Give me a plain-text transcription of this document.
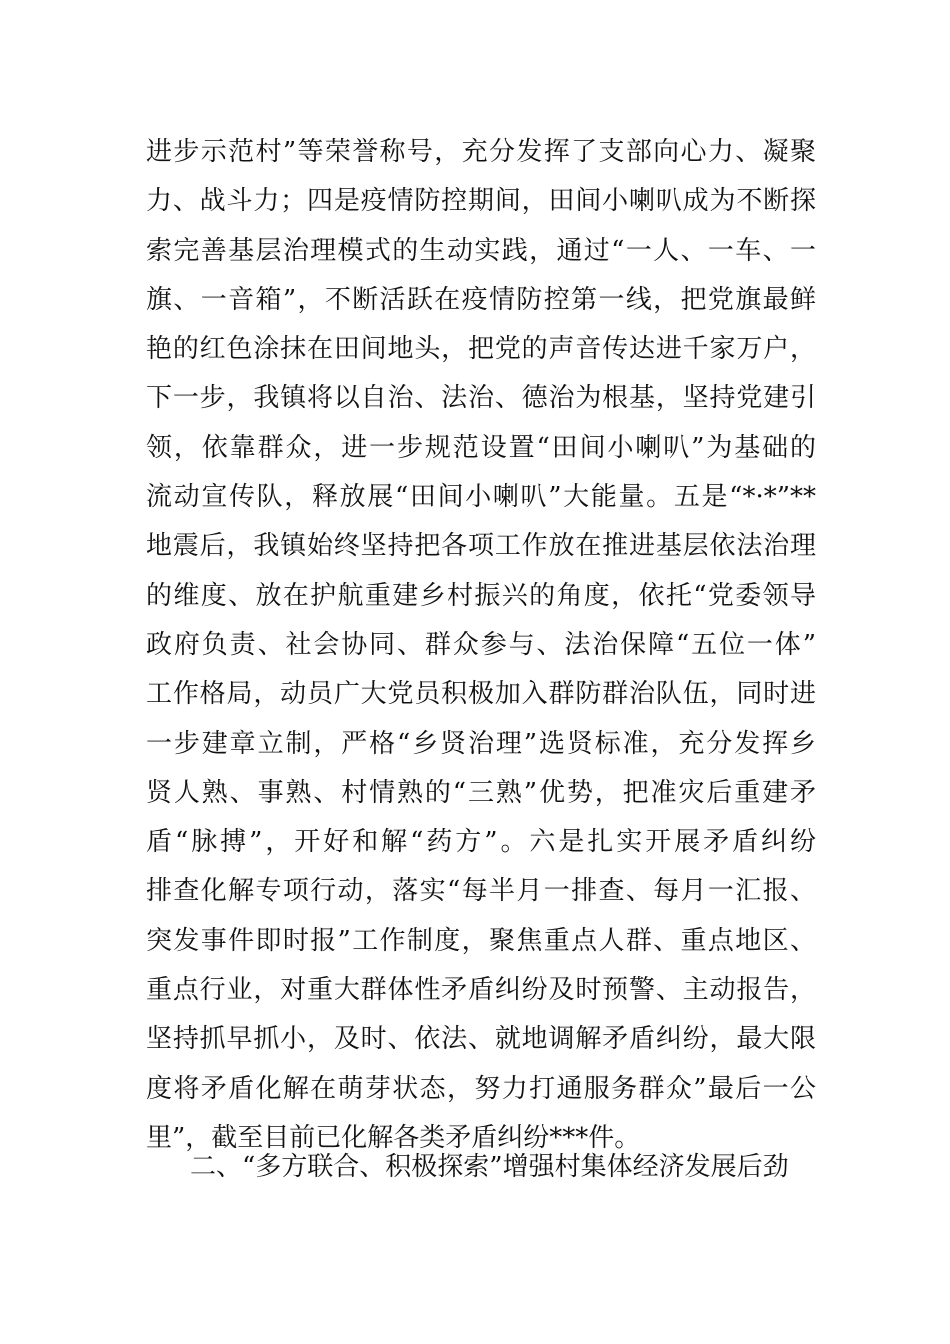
进步示范村”等荣誉称号，充分发挥了支部向心力、凝聚
力、战斗力；四是疫情防控期间，田间小喇叭成为不断探
索完善基层治理模式的生动实践，通过“一人、一车、一
旗、一音箱”，不断活跃在疫情防控第一线，把党旗最鲜
艳的红色涂抹在田间地头，把党的声音传达进千家万户，
下一步，我镇将以自治、法治、德治为根基，坚持党建引
领，依靠群众，进一步规范设置“田间小喇叭”为基础的
流动宣传队，释放展“田间小喇叭”大能量。五是“*·*”**
地震后，我镇始终坚持把各项工作放在推进基层依法治理
的维度、放在护航重建乡村振兴的角度，依托“党委领导
政府负责、社会协同、群众参与、法治保障“五位一体”
工作格局，动员广大党员积极加入群防群治队伍，同时进
一步建章立制，严格“乡贤治理”选贤标准，充分发挥乡
贤人熟、事熟、村情熟的“三熟”优势，把准灾后重建矛
盾“脉搏”，开好和解“药方”。六是扎实开展矛盾纠纷
排查化解专项行动，落实“每半月一排查、每月一汇报、
突发事件即时报”工作制度，聚焦重点人群、重点地区、
重点行业，对重大群体性矛盾纠纷及时预警、主动报告，
坚持抓早抓小，及时、依法、就地调解矛盾纠纷，最大限
度将矛盾化解在萌芽状态，努力打通服务群众”最后一公
里”，截至目前已化解各类矛盾纠纷***件。
二、“多方联合、积极探索”增强村集体经济发展后劲
